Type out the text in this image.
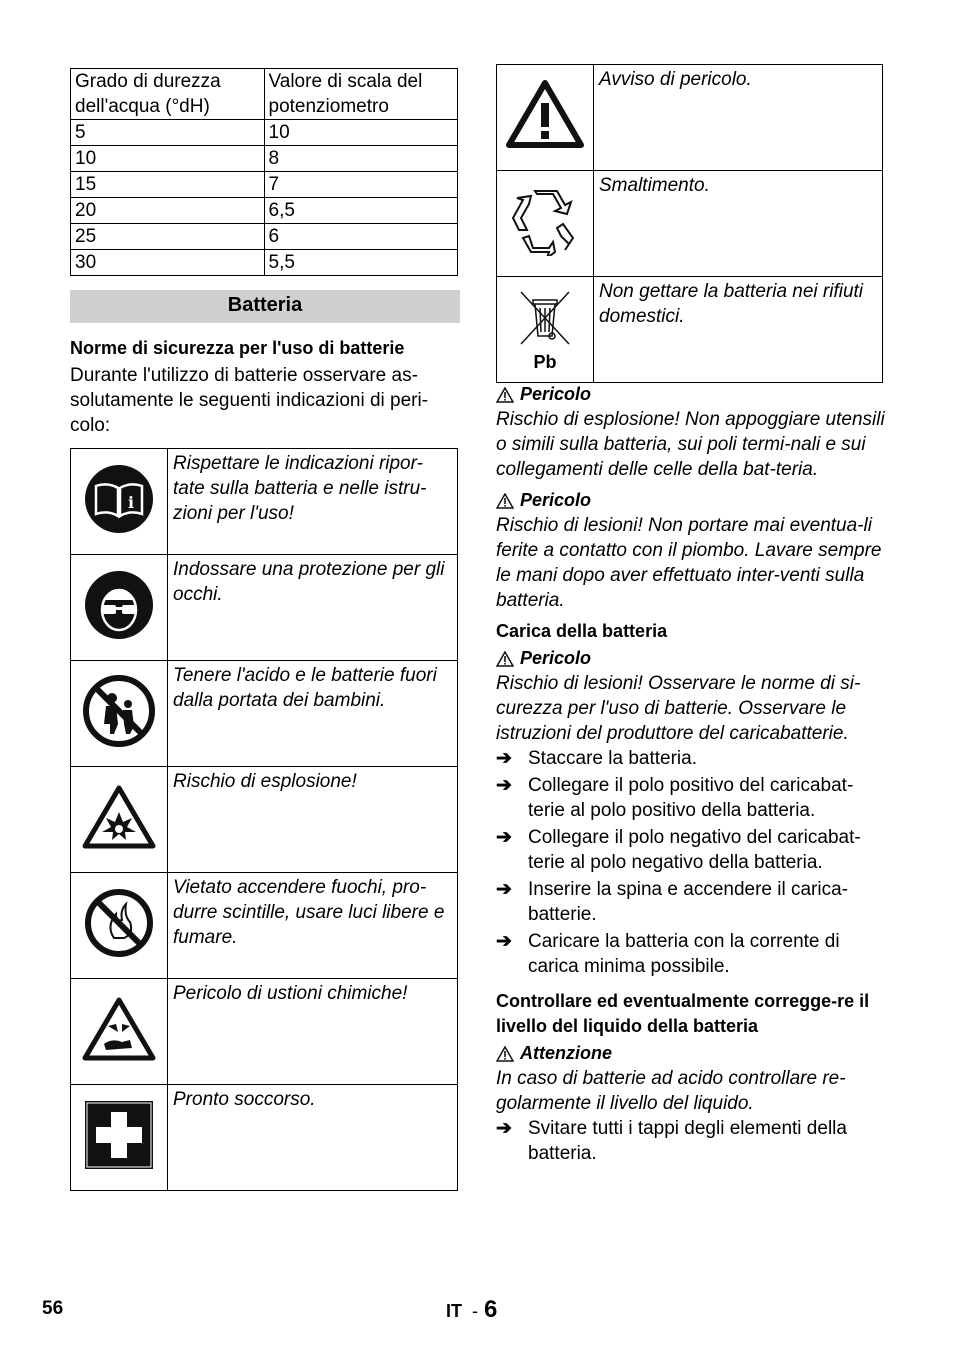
Grado di durezza dell'acqua (°dH)	Valore di scala del potenziometro
5	10
10	8
15	7
20	6,5
25	6
30	5,5
Batteria
Norme di sicurezza per l'uso di batterie
Durante l'utilizzo di batterie osservare as-solutamente le seguenti indicazioni di peri-colo:
i	Rispettare le indicazioni ripor-tate sulla batteria e nelle istru-zioni per l'uso!
	Indossare una protezione per gli occhi.
	Tenere l'acido e le batterie fuori dalla portata dei bambini.
	Rischio di esplosione!
	Vietato accendere fuochi, pro-durre scintille, usare luci libere e fumare.
	Pericolo di ustioni chimiche!
	Pronto soccorso.
	Avviso di pericolo.
	Smaltimento.

Pb	Non gettare la batteria nei rifiuti domestici.
Pericolo
Rischio di esplosione! Non appoggiare utensili o simili sulla batteria, sui poli termi-nali e sui collegamenti delle celle della bat-teria.
Pericolo
Rischio di lesioni! Non portare mai eventua-li ferite a contatto con il piombo. Lavare sempre le mani dopo aver effettuato inter-venti sulla batteria.
Carica della batteria
Pericolo
Rischio di lesioni! Osservare le norme di si-curezza per l'uso di batterie. Osservare le istruzioni del produttore del caricabatterie.
➔ Staccare la batteria.
➔ Collegare il polo positivo del caricabat-terie al polo positivo della batteria.
➔ Collegare il polo negativo del caricabat-terie al polo negativo della batteria.
➔ Inserire la spina e accendere il carica-batterie.
➔ Caricare la batteria con la corrente di carica minima possibile.
Controllare ed eventualmente corregge-re il livello del liquido della batteria
Attenzione
In caso di batterie ad acido controllare re-golarmente il livello del liquido.
➔ Svitare tutti i tappi degli elementi della batteria.
56	IT - 6
